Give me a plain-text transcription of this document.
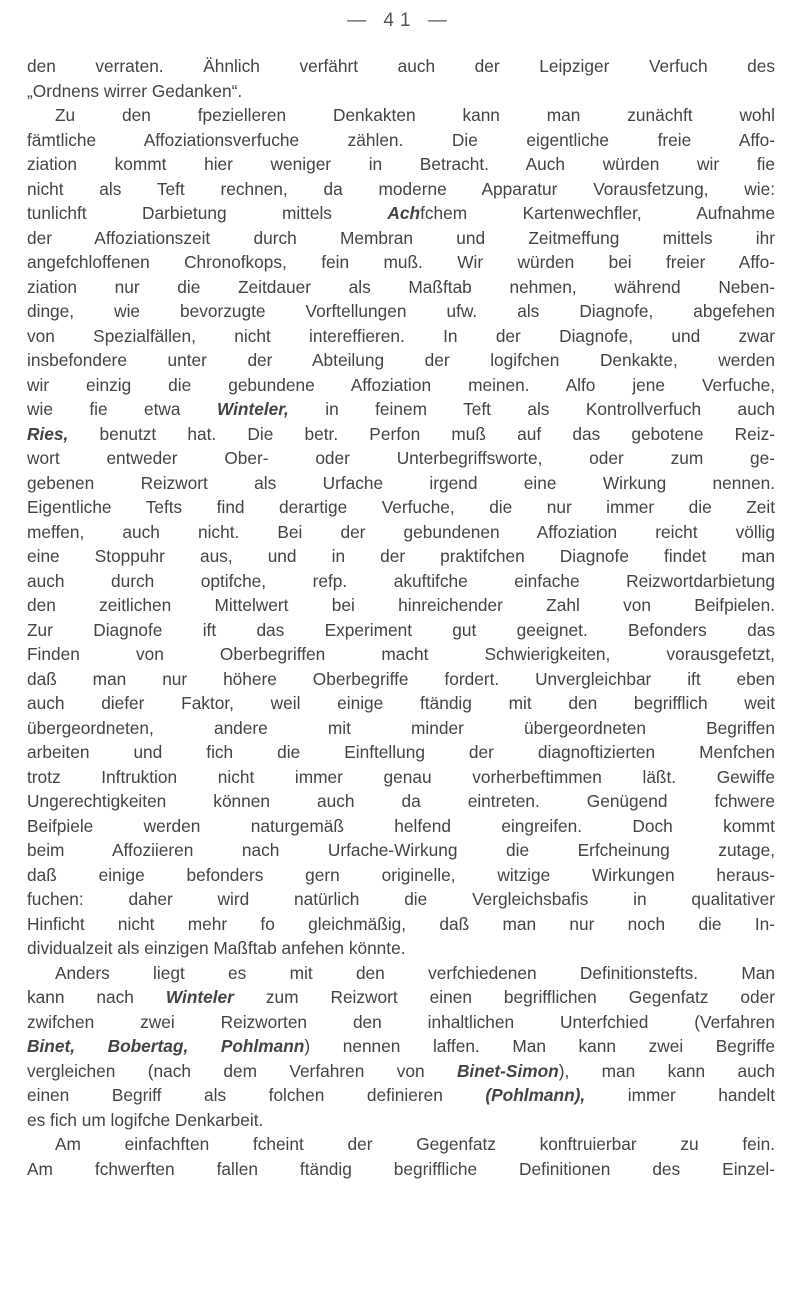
— 41 —
den verraten. Ähnlich verfährt auch der Leipziger Verfuch des
„Ordnens wirrer Gedanken“.
Zu den fpezielleren Denkakten kann man zunächft wohl
fämtliche Affoziationsverfuche zählen. Die eigentliche freie Affo-
ziation kommt hier weniger in Betracht. Auch würden wir fie
nicht als Teft rechnen, da moderne Apparatur Vorausfetzung, wie:
tunlichft Darbietung mittels Achfchem Kartenwechfler, Aufnahme
der Affoziationszeit durch Membran und Zeitmeffung mittels ihr
angefchloffenen Chronofkops, fein muß. Wir würden bei freier Affo-
ziation nur die Zeitdauer als Maßftab nehmen, während Neben-
dinge, wie bevorzugte Vorftellungen ufw. als Diagnofe, abgefehen
von Spezialfällen, nicht intereffieren. In der Diagnofe, und zwar
insbefondere unter der Abteilung der logifchen Denkakte, werden
wir einzig die gebundene Affoziation meinen. Alfo jene Verfuche,
wie fie etwa Winteler, in feinem Teft als Kontrollverfuch auch
Ries, benutzt hat. Die betr. Perfon muß auf das gebotene Reiz-
wort entweder Ober- oder Unterbegriffsworte, oder zum ge-
gebenen Reizwort als Urfache irgend eine Wirkung nennen.
Eigentliche Tefts find derartige Verfuche, die nur immer die Zeit
meffen, auch nicht. Bei der gebundenen Affoziation reicht völlig
eine Stoppuhr aus, und in der praktifchen Diagnofe findet man
auch durch optifche, refp. akuftifche einfache Reizwortdarbietung
den zeitlichen Mittelwert bei hinreichender Zahl von Beifpielen.
Zur Diagnofe ift das Experiment gut geeignet. Befonders das
Finden von Oberbegriffen macht Schwierigkeiten, vorausgefetzt,
daß man nur höhere Oberbegriffe fordert. Unvergleichbar ift eben
auch diefer Faktor, weil einige ftändig mit den begrifflich weit
übergeordneten, andere mit minder übergeordneten Begriffen
arbeiten und fich die Einftellung der diagnoftizierten Menfchen
trotz Inftruktion nicht immer genau vorherbeftimmen läßt. Gewiffe
Ungerechtigkeiten können auch da eintreten. Genügend fchwere
Beifpiele werden naturgemäß helfend eingreifen. Doch kommt
beim Affoziieren nach Urfache-Wirkung die Erfcheinung zutage,
daß einige befonders gern originelle, witzige Wirkungen heraus-
fuchen: daher wird natürlich die Vergleichsbafis in qualitativer
Hinficht nicht mehr fo gleichmäßig, daß man nur noch die In-
dividualzeit als einzigen Maßftab anfehen könnte.
Anders liegt es mit den verfchiedenen Definitionstefts. Man
kann nach Winteler zum Reizwort einen begrifflichen Gegenfatz oder
zwifchen zwei Reizworten den inhaltlichen Unterfchied (Verfahren
Binet, Bobertag, Pohlmann) nennen laffen. Man kann zwei Begriffe
vergleichen (nach dem Verfahren von Binet-Simon), man kann auch
einen Begriff als folchen definieren (Pohlmann), immer handelt
es fich um logifche Denkarbeit.
Am einfachften fcheint der Gegenfatz konftruierbar zu fein.
Am fchwerften fallen ftändig begriffliche Definitionen des Einzel-
